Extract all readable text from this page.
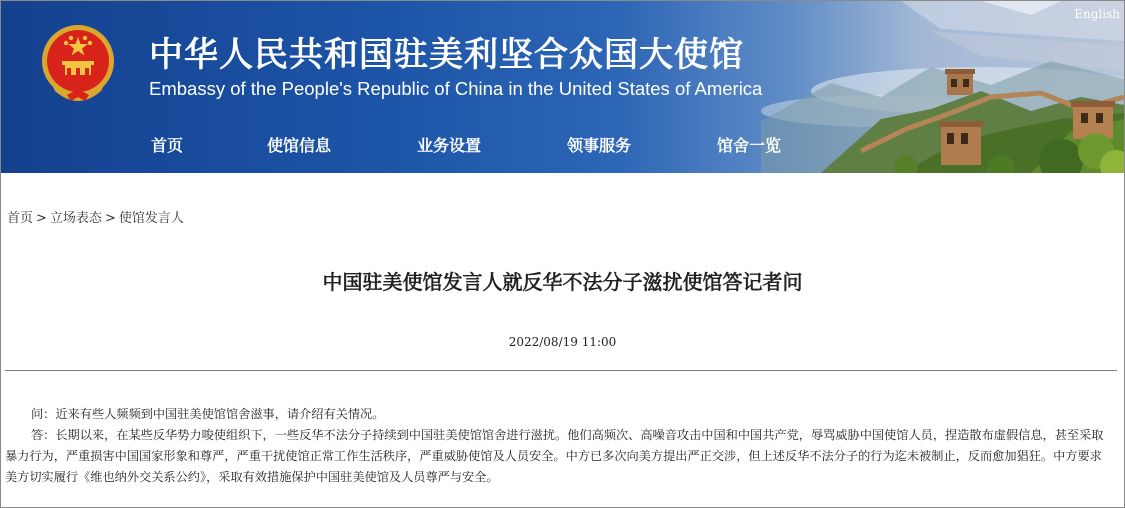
English
中华人民共和国驻美利坚合众国大使馆
Embassy of the People's Republic of China in the United States of America
首页	使馆信息	业务设置	领事服务	馆舍一览
首页 > 立场表态 > 使馆发言人
中国驻美使馆发言人就反华不法分子滋扰使馆答记者问
2022/08/19 11:00

问：近来有些人频频到中国驻美使馆馆舍滋事，请介绍有关情况。

答：长期以来，在某些反华势力唆使组织下，一些反华不法分子持续到中国驻美使馆馆舍进行滋扰。他们高频次、高噪音攻击中国和中国共产党，辱骂威胁中国使馆人员，捏造散布虚假信息，甚至采取暴力行为，严重损害中国国家形象和尊严，严重干扰使馆正常工作生活秩序，严重威胁使馆及人员安全。中方已多次向美方提出严正交涉，但上述反华不法分子的行为迄未被制止，反而愈加猖狂。中方要求美方切实履行《维也纳外交关系公约》，采取有效措施保护中国驻美使馆及人员尊严与安全。
